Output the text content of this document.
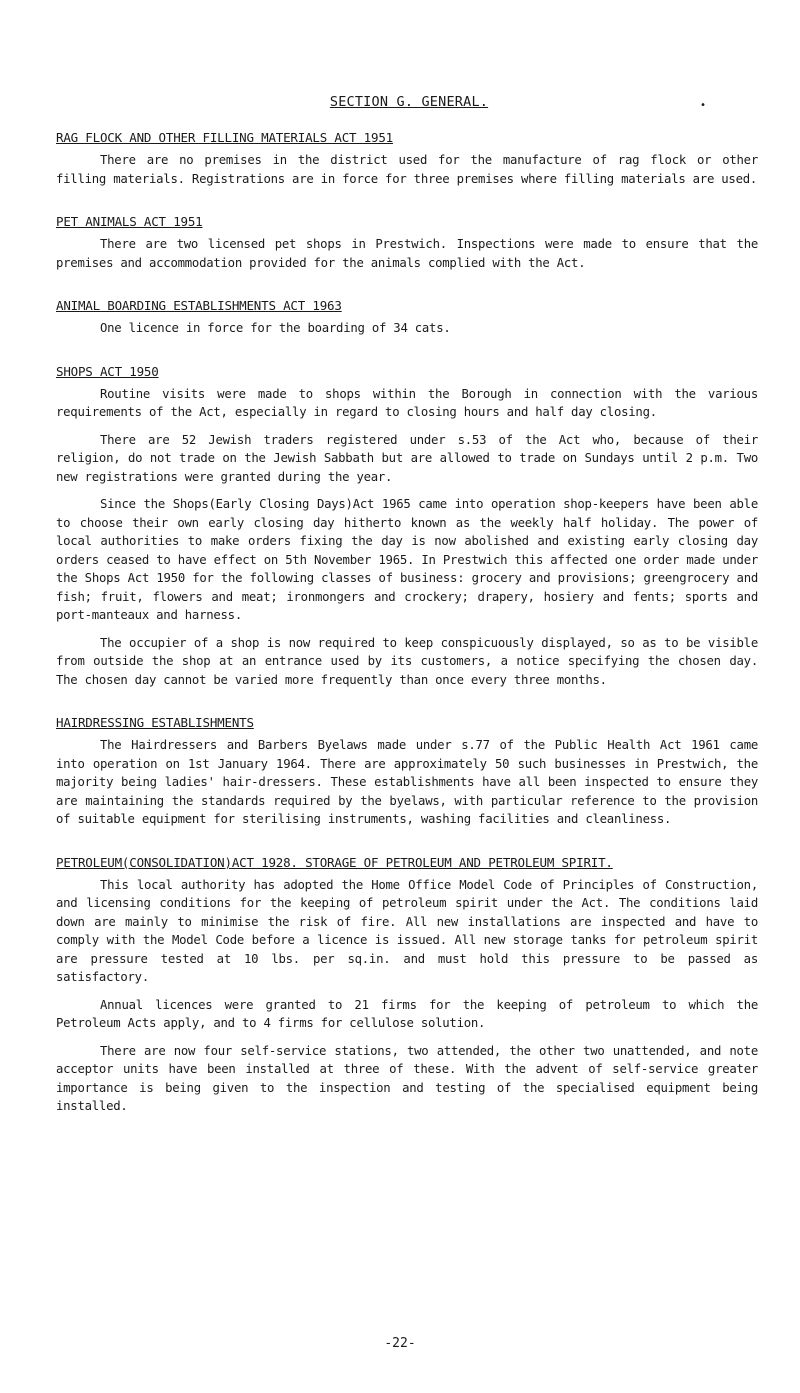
•
SECTION G. GENERAL.
RAG FLOCK AND OTHER FILLING MATERIALS ACT 1951

There are no premises in the district used for the manufacture of rag flock or other filling materials. Registrations are in force for three premises where filling materials are used.

PET ANIMALS ACT 1951

There are two licensed pet shops in Prestwich. Inspections were made to ensure that the premises and accommodation provided for the animals complied with the Act.

ANIMAL BOARDING ESTABLISHMENTS ACT 1963

One licence in force for the boarding of 34 cats.

SHOPS ACT 1950

Routine visits were made to shops within the Borough in connection with the various requirements of the Act, especially in regard to closing hours and half day closing.

There are 52 Jewish traders registered under s.53 of the Act who, because of their religion, do not trade on the Jewish Sabbath but are allowed to trade on Sundays until 2 p.m. Two new registrations were granted during the year.

Since the Shops(Early Closing Days)Act 1965 came into operation shop-keepers have been able to choose their own early closing day hitherto known as the weekly half holiday. The power of local authorities to make orders fixing the day is now abolished and existing early closing day orders ceased to have effect on 5th November 1965. In Prestwich this affected one order made under the Shops Act 1950 for the following classes of business: grocery and provisions; greengrocery and fish; fruit, flowers and meat; ironmongers and crockery; drapery, hosiery and fents; sports and port-manteaux and harness.

The occupier of a shop is now required to keep conspicuously displayed, so as to be visible from outside the shop at an entrance used by its customers, a notice specifying the chosen day. The chosen day cannot be varied more frequently than once every three months.

HAIRDRESSING ESTABLISHMENTS

The Hairdressers and Barbers Byelaws made under s.77 of the Public Health Act 1961 came into operation on 1st January 1964. There are approximately 50 such businesses in Prestwich, the majority being ladies' hair-dressers. These establishments have all been inspected to ensure they are maintaining the standards required by the byelaws, with particular reference to the provision of suitable equipment for sterilising instruments, washing facilities and cleanliness.

PETROLEUM(CONSOLIDATION)ACT 1928. STORAGE OF PETROLEUM AND PETROLEUM SPIRIT.

This local authority has adopted the Home Office Model Code of Principles of Construction, and licensing conditions for the keeping of petroleum spirit under the Act. The conditions laid down are mainly to minimise the risk of fire. All new installations are inspected and have to comply with the Model Code before a licence is issued. All new storage tanks for petroleum spirit are pressure tested at 10 lbs. per sq.in. and must hold this pressure to be passed as satisfactory.

Annual licences were granted to 21 firms for the keeping of petroleum to which the Petroleum Acts apply, and to 4 firms for cellulose solution.

There are now four self-service stations, two attended, the other two unattended, and note acceptor units have been installed at three of these. With the advent of self-service greater importance is being given to the inspection and testing of the specialised equipment being installed.

-22-
